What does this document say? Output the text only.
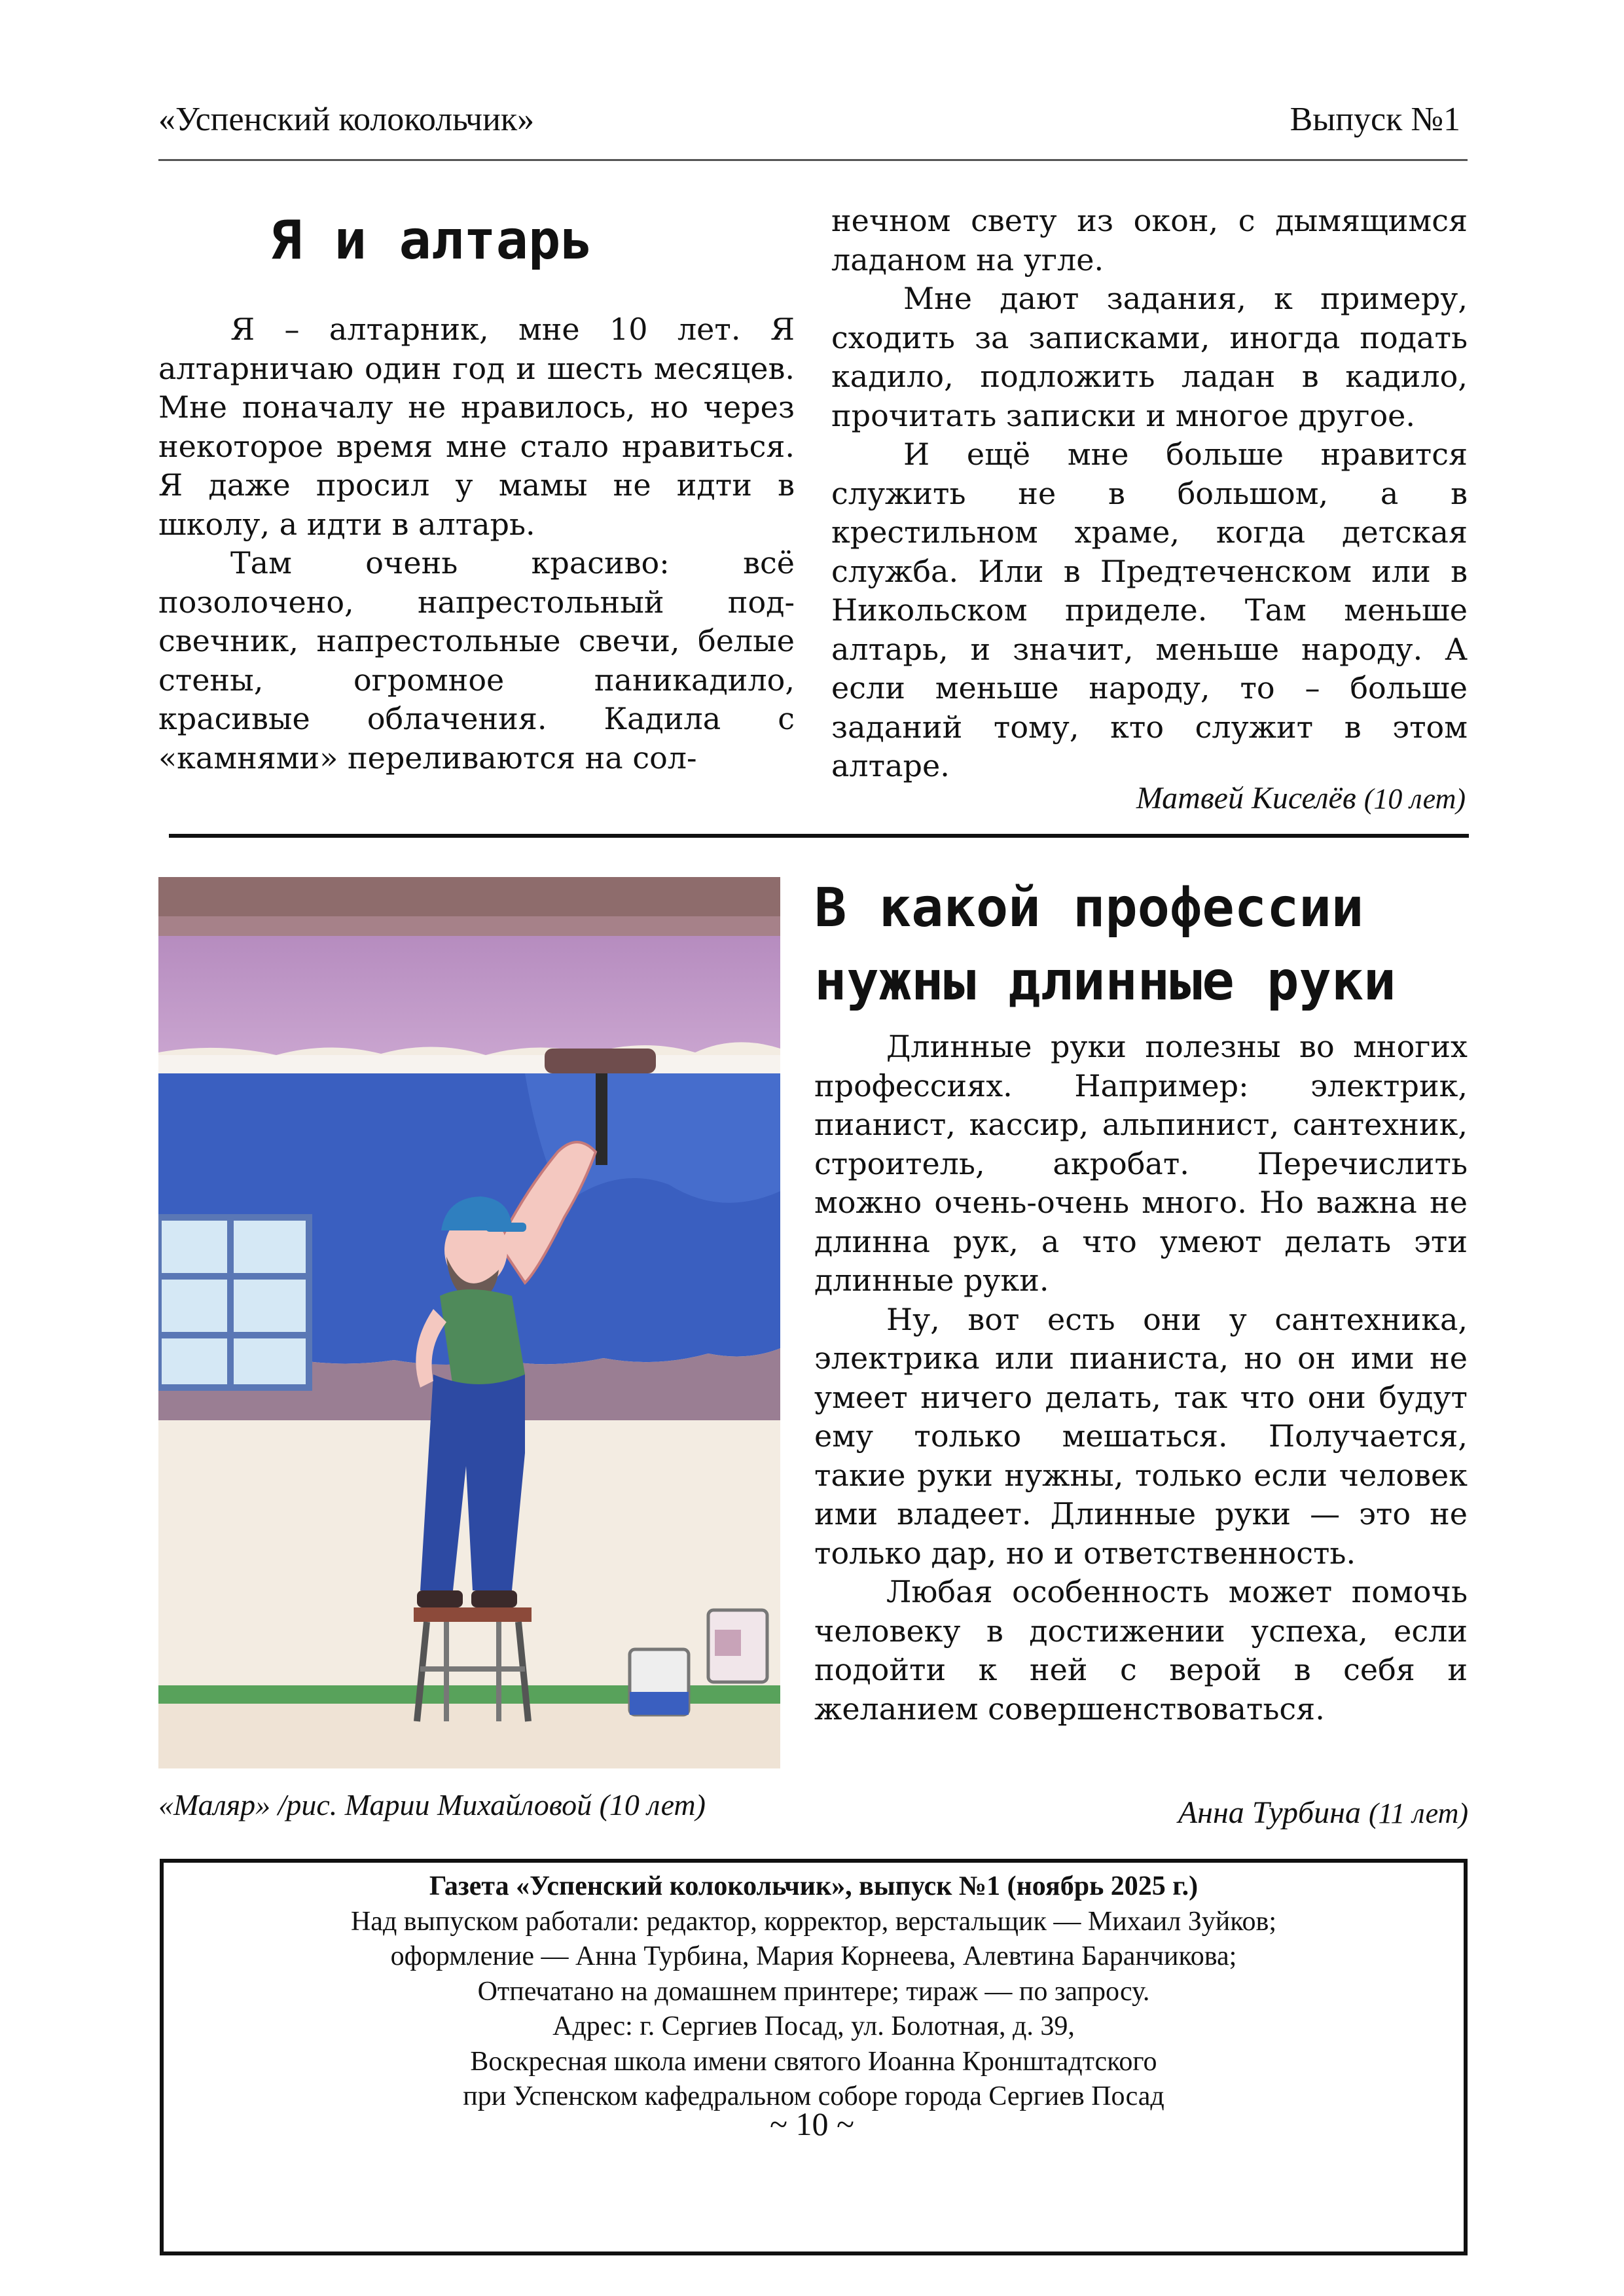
«Успенский колокольчик»	Выпуск №1
Я и алтарь

Я – алтарник, мне 10 лет. Я алтарничаю один год и шесть месяцев. Мне поначалу не нравилось, но через некоторое время мне стало нравиться. Я даже просил у мамы не идти в школу, а идти в алтарь.

Там очень красиво: всё позолочено, напрестольный под-свечник, напрестольные свечи, белые стены, огромное паникадило, красивые облачения. Кадила с «камнями» переливаются на сол-

нечном свету из окон, с дымящимся ладаном на угле.

Мне дают задания, к примеру, сходить за записками, иногда подать кадило, подложить ладан в кадило, прочитать записки и многое другое.

И ещё мне больше нравится служить не в большом, а в крестильном храме, когда детская служба. Или в Предтеченском или в Никольском приделе. Там меньше алтарь, и значит, меньше народу. А если меньше народу, то – больше заданий тому, кто служит в этом алтаре.

Матвей Киселёв (10 лет)
«Маляр» /рис. Марии Михайловой (10 лет)
В какой профессии
нужны длинные руки

Длинные руки полезны во многих профессиях. Например: электрик, пианист, кассир, альпинист, сантехник, строитель, акробат. Перечислить можно очень-очень много. Но важна не длинна рук, а что умеют делать эти длинные руки.

Ну, вот есть они у сантехника, электрика или пианиста, но он ими не умеет ничего делать, так что они будут ему только мешаться. Получается, такие руки нужны, только если человек ими владеет. Длинные руки — это не только дар, но и ответственность.

Любая особенность может помочь человеку в достижении успеха, если подойти к ней с верой в себя и желанием совершенствоваться.

Анна Турбина (11 лет)
Газета «Успенский колокольчик», выпуск №1 (ноябрь 2025 г.)
Над выпуском работали: редактор, корректор, верстальщик — Михаил Зуйков;
оформление — Анна Турбина, Мария Корнеева, Алевтина Баранчикова;
Отпечатано на домашнем принтере; тираж — по запросу.
Адрес: г. Сергиев Посад, ул. Болотная, д. 39,
Воскресная школа имени святого Иоанна Кронштадтского
при Успенском кафедральном соборе города Сергиев Посад
~ 10 ~
